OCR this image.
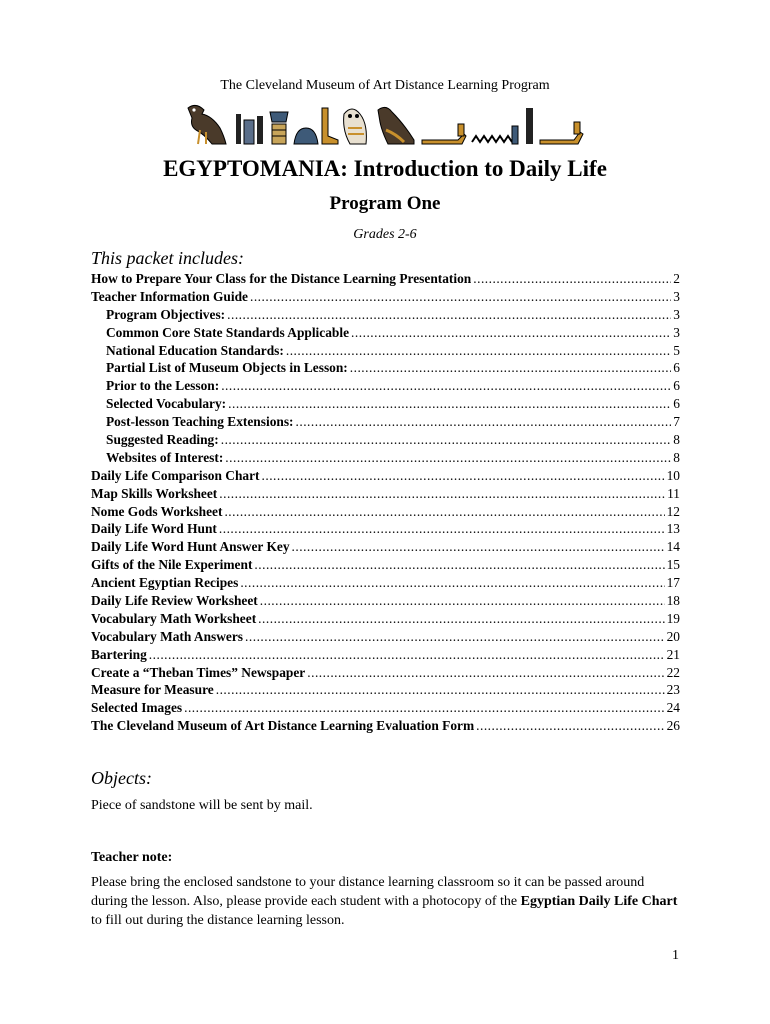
The Cleveland Museum of Art Distance Learning Program
EGYPTOMANIA: Introduction to Daily Life
Program One
Grades 2-6
This packet includes:
How to Prepare Your Class for the Distance Learning Presentation .....	2
Teacher Information Guide .....	3
Program Objectives: .....	3
Common Core State Standards Applicable .....	3
National Education Standards: .....	5
Partial List of Museum Objects in Lesson: .....	6
Prior to the Lesson: .....	6
Selected Vocabulary: .....	6
Post-lesson Teaching Extensions: .....	7
Suggested Reading: .....	8
Websites of Interest: .....	8
Daily Life Comparison Chart .....	10
Map Skills Worksheet .....	11
Nome Gods Worksheet .....	12
Daily Life Word Hunt .....	13
Daily Life Word Hunt Answer Key .....	14
Gifts of the Nile Experiment .....	15
Ancient Egyptian Recipes .....	17
Daily Life Review Worksheet .....	18
Vocabulary Math Worksheet .....	19
Vocabulary Math Answers .....	20
Bartering .....	21
Create a “Theban Times” Newspaper .....	22
Measure for Measure .....	23
Selected Images .....	24
The Cleveland Museum of Art Distance Learning Evaluation Form .....	26
Objects:

Piece of sandstone will be sent by mail.

Teacher note:

Please bring the enclosed sandstone to your distance learning classroom so it can be passed around during the lesson. Also, please provide each student with a photocopy of the Egyptian Daily Life Chart to fill out during the distance learning lesson.

1
